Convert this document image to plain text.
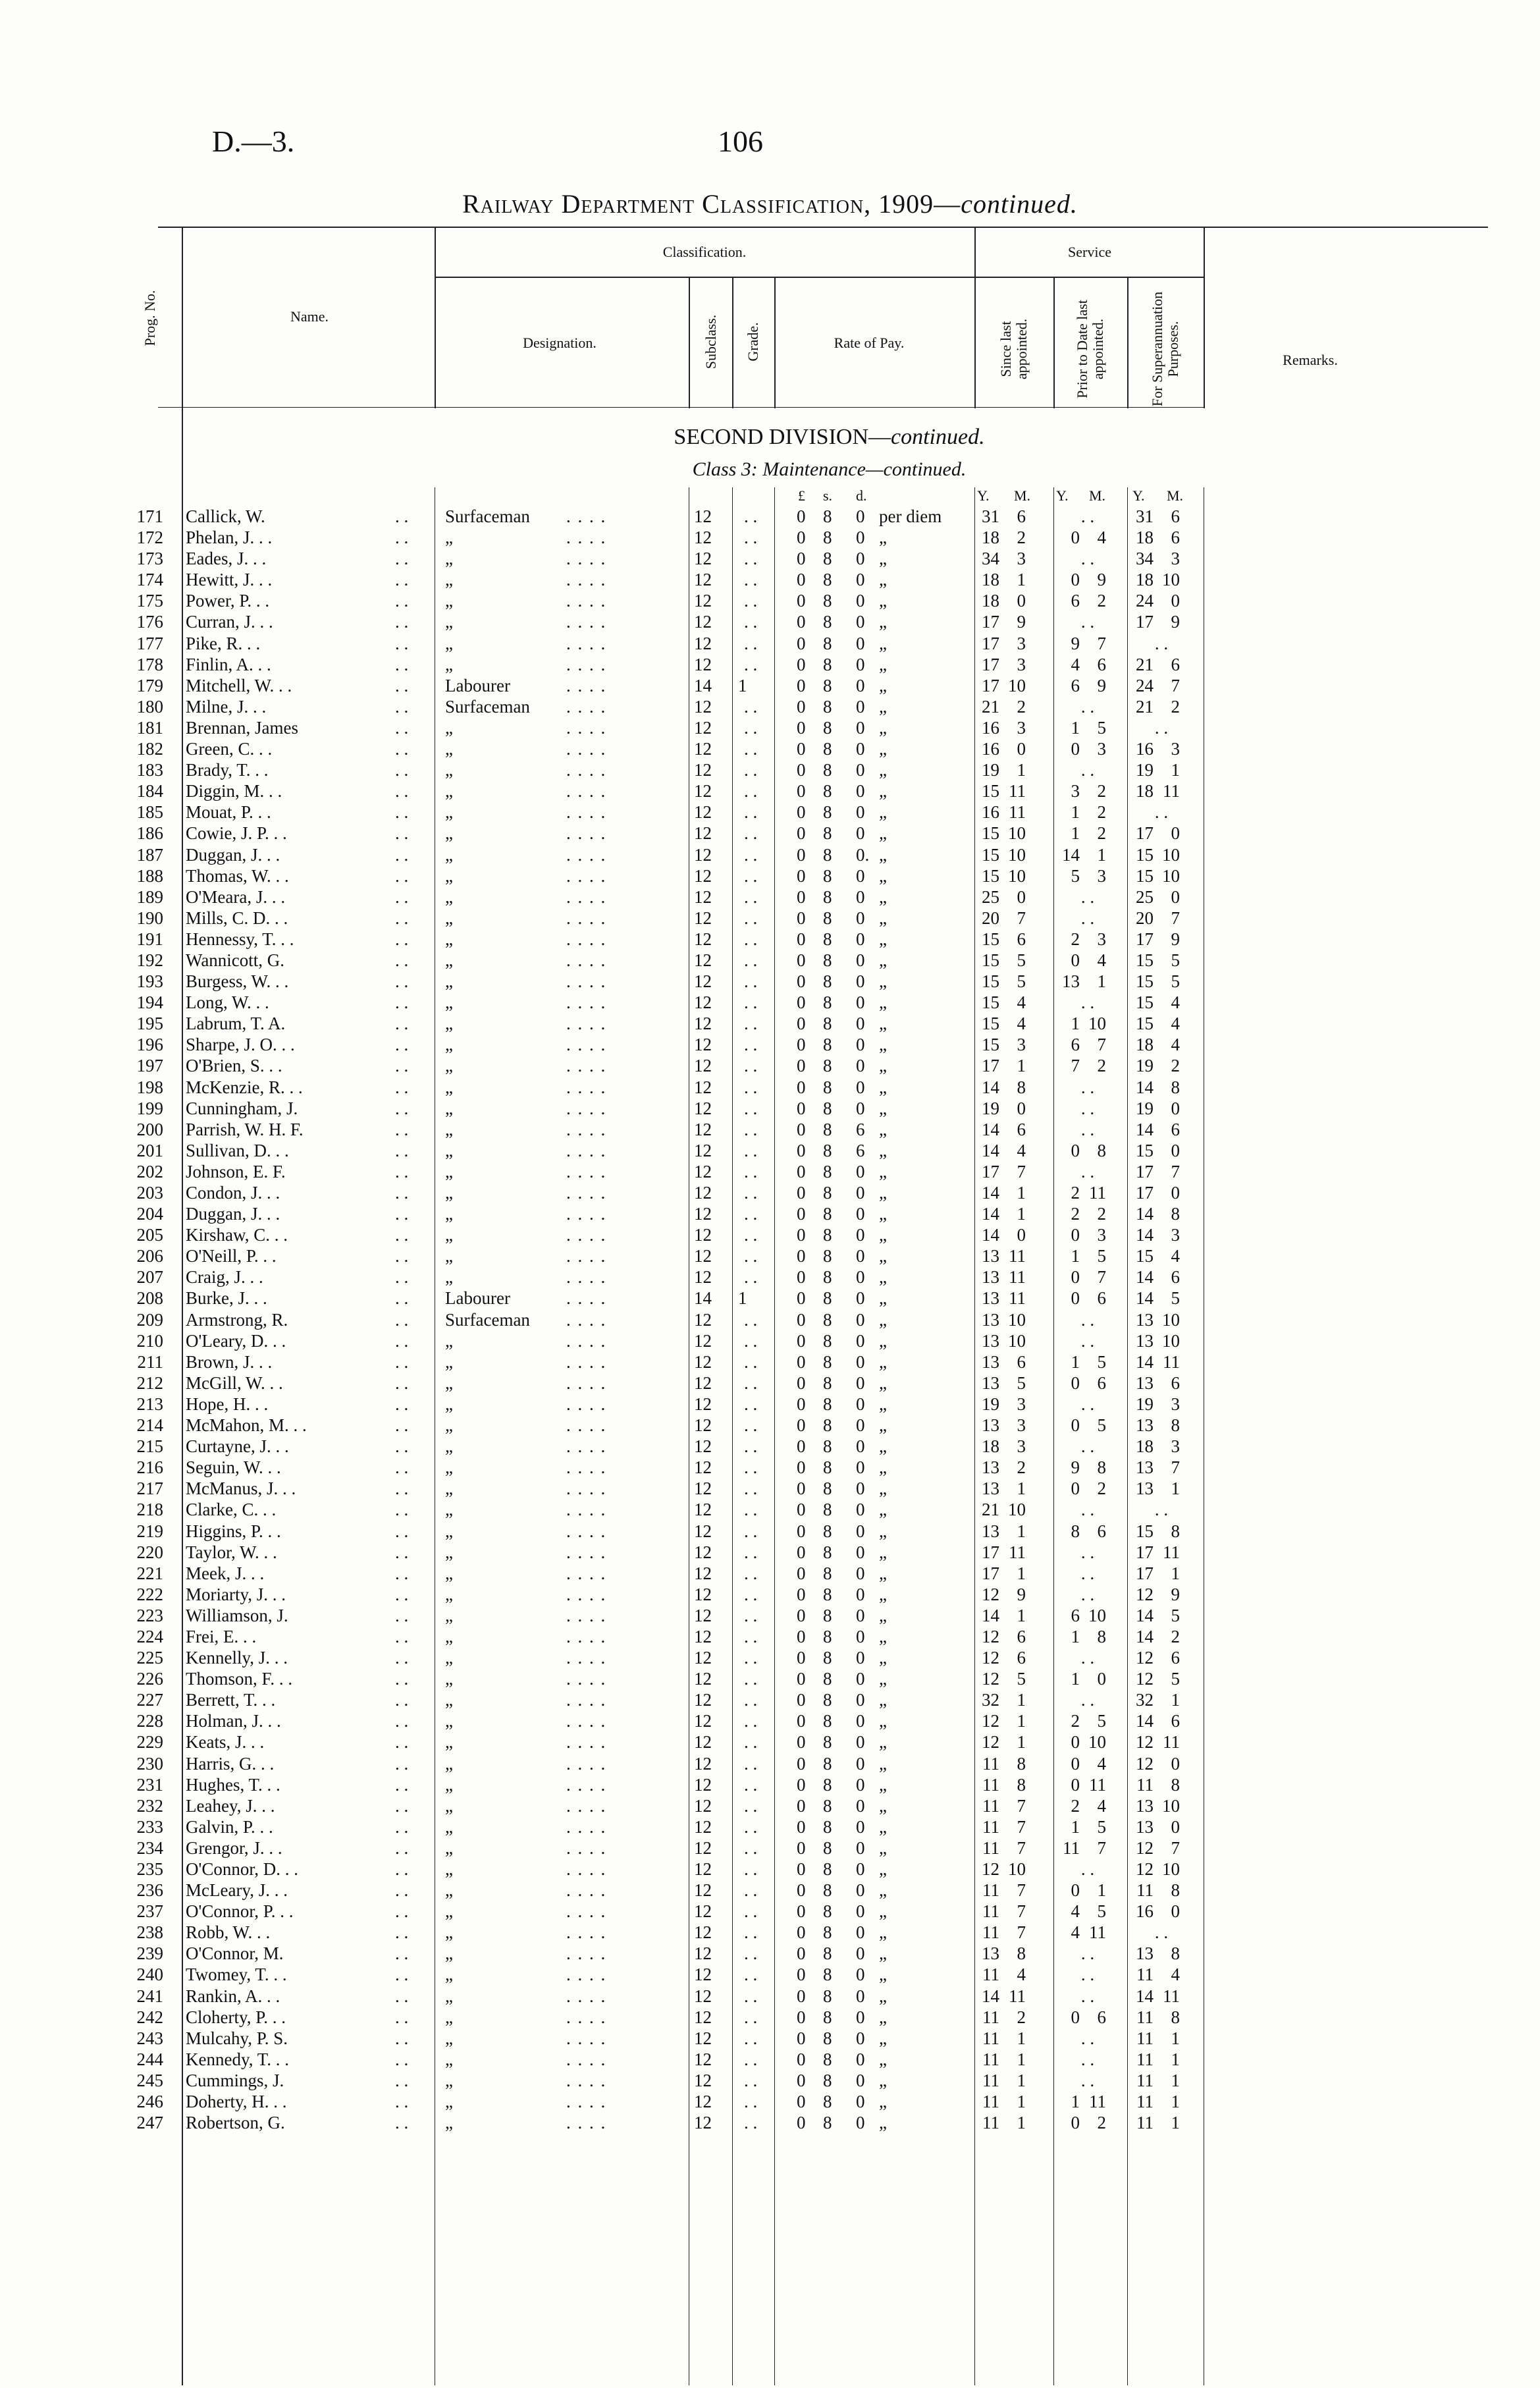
D.—3.	106
Railway Department Classification, 1909—continued.
Prog. No.	Name.
Classification.
Designation.	Subclass. Grade.	Rate of Pay.
Service
Since last appointed.	Prior to Date last appointed.	For Superannuation Purposes.	Remarks.
SECOND DIVISION—continued.
Class 3: Maintenance—continued.
£ s. d.	Y. M. Y. M. Y. M.
171 Callick, W.	. . Surfaceman . . . .	12 . . 0 8 0 per diem	31 6	. .	31 6
172 Phelan, J. . .	. . „	. . . .	12 . . 0 8 0 „	18 2	0 4	18 6
173 Eades, J. . .	. . „	. . . .	12 . . 0 8 0 „	34 3	. .	34 3
174 Hewitt, J. . .	. . „	. . . .	12 . . 0 8 0 „	18 1	0 9	18 10
175 Power, P. . .	. . „	. . . .	12 . . 0 8 0 „	18 0	6 2	24 0
176 Curran, J. . .	. . „	. . . .	12 . . 0 8 0 „	17 9	. .	17 9
177 Pike, R. . .	. . „	. . . .	12 . . 0 8 0 „	17 3	9 7	. .
178 Finlin, A. . .	. . „	. . . .	12 . . 0 8 0 „	17 3	4 6	21 6
179 Mitchell, W. . .	. . Labourer	. . . .	14 1	0 8 0 „	17 10	6 9	24 7
180 Milne, J. . .	. . Surfaceman . . . .	12 . . 0 8 0 „	21 2	. .	21 2
181 Brennan, James	. . „	. . . .	12 . . 0 8 0 „	16 3	1 5	. .
182 Green, C. . .	. . „	. . . .	12 . . 0 8 0 „	16 0	0 3	16 3
183 Brady, T. . .	. . „	. . . .	12 . . 0 8 0 „	19 1	. .	19 1
184 Diggin, M. . .	. . „	. . . .	12 . . 0 8 0 „	15 11	3 2	18 11
185 Mouat, P. . .	. . „	. . . .	12 . . 0 8 0 „	16 11	1 2	. .
186 Cowie, J. P. . .	. . „	. . . .	12 . . 0 8 0 „	15 10	1 2	17 0
187 Duggan, J. . .	. . „	. . . .	12 . . 0 8 0. „	15 10	14 1	15 10
188 Thomas, W. . .	. . „	. . . .	12 . . 0 8 0 „	15 10	5 3	15 10
189 O'Meara, J. . .	. . „	. . . .	12 . . 0 8 0 „	25 0	. .	25 0
190 Mills, C. D. . .	. . „	. . . .	12 . . 0 8 0 „	20 7	. .	20 7
191 Hennessy, T. . .	. . „	. . . .	12 . . 0 8 0 „	15 6	2 3	17 9
192 Wannicott, G.	. . „	. . . .	12 . . 0 8 0 „	15 5	0 4	15 5
193 Burgess, W. . .	. . „	. . . .	12 . . 0 8 0 „	15 5	13 1	15 5
194 Long, W. . .	. . „	. . . .	12 . . 0 8 0 „	15 4	. .	15 4
195 Labrum, T. A.	. . „	. . . .	12 . . 0 8 0 „	15 4	1 10	15 4
196 Sharpe, J. O. . .	. . „	. . . .	12 . . 0 8 0 „	15 3	6 7	18 4
197 O'Brien, S. . .	. . „	. . . .	12 . . 0 8 0 „	17 1	7 2	19 2
198 McKenzie, R. . .	. . „	. . . .	12 . . 0 8 0 „	14 8	. .	14 8
199 Cunningham, J.	. . „	. . . .	12 . . 0 8 0 „	19 0	. .	19 0
200 Parrish, W. H. F.	. . „	. . . .	12 . . 0 8 6 „	14 6	. .	14 6
201 Sullivan, D. . .	. . „	. . . .	12 . . 0 8 6 „	14 4	0 8	15 0
202 Johnson, E. F.	. . „	. . . .	12 . . 0 8 0 „	17 7	. .	17 7
203 Condon, J. . .	. . „	. . . .	12 . . 0 8 0 „	14 1	2 11	17 0
204 Duggan, J. . .	. . „	. . . .	12 . . 0 8 0 „	14 1	2 2	14 8
205 Kirshaw, C. . .	. . „	. . . .	12 . . 0 8 0 „	14 0	0 3	14 3
206 O'Neill, P. . .	. . „	. . . .	12 . . 0 8 0 „	13 11	1 5	15 4
207 Craig, J. . .	. . „	. . . .	12 . . 0 8 0 „	13 11	0 7	14 6
208 Burke, J. . .	. . Labourer	. . . .	14 1	0 8 0 „	13 11	0 6	14 5
209 Armstrong, R.	. . Surfaceman . . . .	12 . . 0 8 0 „	13 10	. .	13 10
210 O'Leary, D. . .	. . „	. . . .	12 . . 0 8 0 „	13 10	. .	13 10
211 Brown, J. . .	. . „	. . . .	12 . . 0 8 0 „	13 6	1 5	14 11
212 McGill, W. . .	. . „	. . . .	12 . . 0 8 0 „	13 5	0 6	13 6
213 Hope, H. . .	. . „	. . . .	12 . . 0 8 0 „	19 3	. .	19 3
214 McMahon, M. . .	. . „	. . . .	12 . . 0 8 0 „	13 3	0 5	13 8
215 Curtayne, J. . .	. . „	. . . .	12 . . 0 8 0 „	18 3	. .	18 3
216 Seguin, W. . .	. . „	. . . .	12 . . 0 8 0 „	13 2	9 8	13 7
217 McManus, J. . .	. . „	. . . .	12 . . 0 8 0 „	13 1	0 2	13 1
218 Clarke, C. . .	. . „	. . . .	12 . . 0 8 0 „	21 10	. .	. .
219 Higgins, P. . .	. . „	. . . .	12 . . 0 8 0 „	13 1	8 6	15 8
220 Taylor, W. . .	. . „	. . . .	12 . . 0 8 0 „	17 11	. .	17 11
221 Meek, J. . .	. . „	. . . .	12 . . 0 8 0 „	17 1	. .	17 1
222 Moriarty, J. . .	. . „	. . . .	12 . . 0 8 0 „	12 9	. .	12 9
223 Williamson, J.	. . „	. . . .	12 . . 0 8 0 „	14 1	6 10	14 5
224 Frei, E. . .	. . „	. . . .	12 . . 0 8 0 „	12 6	1 8	14 2
225 Kennelly, J. . .	. . „	. . . .	12 . . 0 8 0 „	12 6	. .	12 6
226 Thomson, F. . .	. . „	. . . .	12 . . 0 8 0 „	12 5	1 0	12 5
227 Berrett, T. . .	. . „	. . . .	12 . . 0 8 0 „	32 1	. .	32 1
228 Holman, J. . .	. . „	. . . .	12 . . 0 8 0 „	12 1	2 5	14 6
229 Keats, J. . .	. . „	. . . .	12 . . 0 8 0 „	12 1	0 10	12 11
230 Harris, G. . .	. . „	. . . .	12 . . 0 8 0 „	11 8	0 4	12 0
231 Hughes, T. . .	. . „	. . . .	12 . . 0 8 0 „	11 8	0 11	11 8
232 Leahey, J. . .	. . „	. . . .	12 . . 0 8 0 „	11 7	2 4	13 10
233 Galvin, P. . .	. . „	. . . .	12 . . 0 8 0 „	11 7	1 5	13 0
234 Grengor, J. . .	. . „	. . . .	12 . . 0 8 0 „	11 7	11 7	12 7
235 O'Connor, D. . .	. . „	. . . .	12 . . 0 8 0 „	12 10	. .	12 10
236 McLeary, J. . .	. . „	. . . .	12 . . 0 8 0 „	11 7	0 1	11 8
237 O'Connor, P. . .	. . „	. . . .	12 . . 0 8 0 „	11 7	4 5	16 0
238 Robb, W. . .	. . „	. . . .	12 . . 0 8 0 „	11 7	4 11	. .
239 O'Connor, M.	. . „	. . . .	12 . . 0 8 0 „	13 8	. .	13 8
240 Twomey, T. . .	. . „	. . . .	12 . . 0 8 0 „	11 4	. .	11 4
241 Rankin, A. . .	. . „	. . . .	12 . . 0 8 0 „	14 11	. .	14 11
242 Cloherty, P. . .	. . „	. . . .	12 . . 0 8 0 „	11 2	0 6	11 8
243 Mulcahy, P. S.	. . „	. . . .	12 . . 0 8 0 „	11 1	. .	11 1
244 Kennedy, T. . .	. . „	. . . .	12 . . 0 8 0 „	11 1	. .	11 1
245 Cummings, J.	. . „	. . . .	12 . . 0 8 0 „	11 1	. .	11 1
246 Doherty, H. . .	. . „	. . . .	12 . . 0 8 0 „	11 1	1 11	11 1
247 Robertson, G.	. . „	. . . .	12 . . 0 8 0 „	11 1	0 2	11 1
